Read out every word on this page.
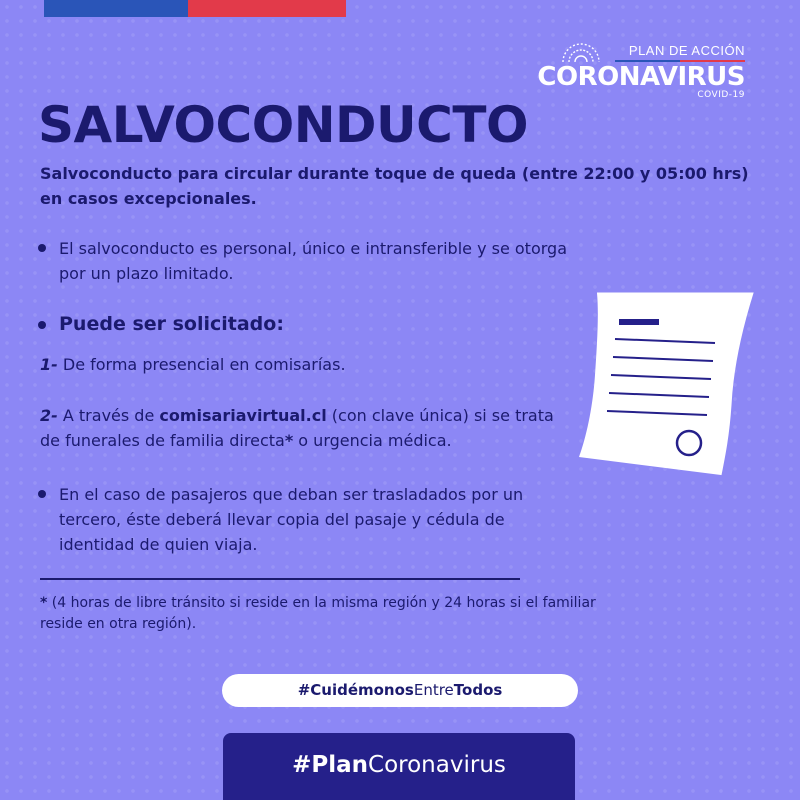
PLAN DE ACCIÓN
CORONAVIRUS
COVID-19
SALVOCONDUCTO

Salvoconducto para circular durante toque de queda (entre 22:00 y 05:00 hrs) en casos excepcionales.

El salvoconducto es personal, único e intransferible y se otorga por un plazo limitado.

Puede ser solicitado:

1- De forma presencial en comisarías.

2- A través de comisariavirtual.cl (con clave única) si se trata de funerales de familia directa* o urgencia médica.

En el caso de pasajeros que deban ser trasladados por un tercero, éste deberá llevar copia del pasaje y cédula de identidad de quien viaja.

* (4 horas de libre tránsito si reside en la misma región y 24 horas si el familiar reside en otra región).

#CuidémonosEntreTodos
#PlanCoronavirus
